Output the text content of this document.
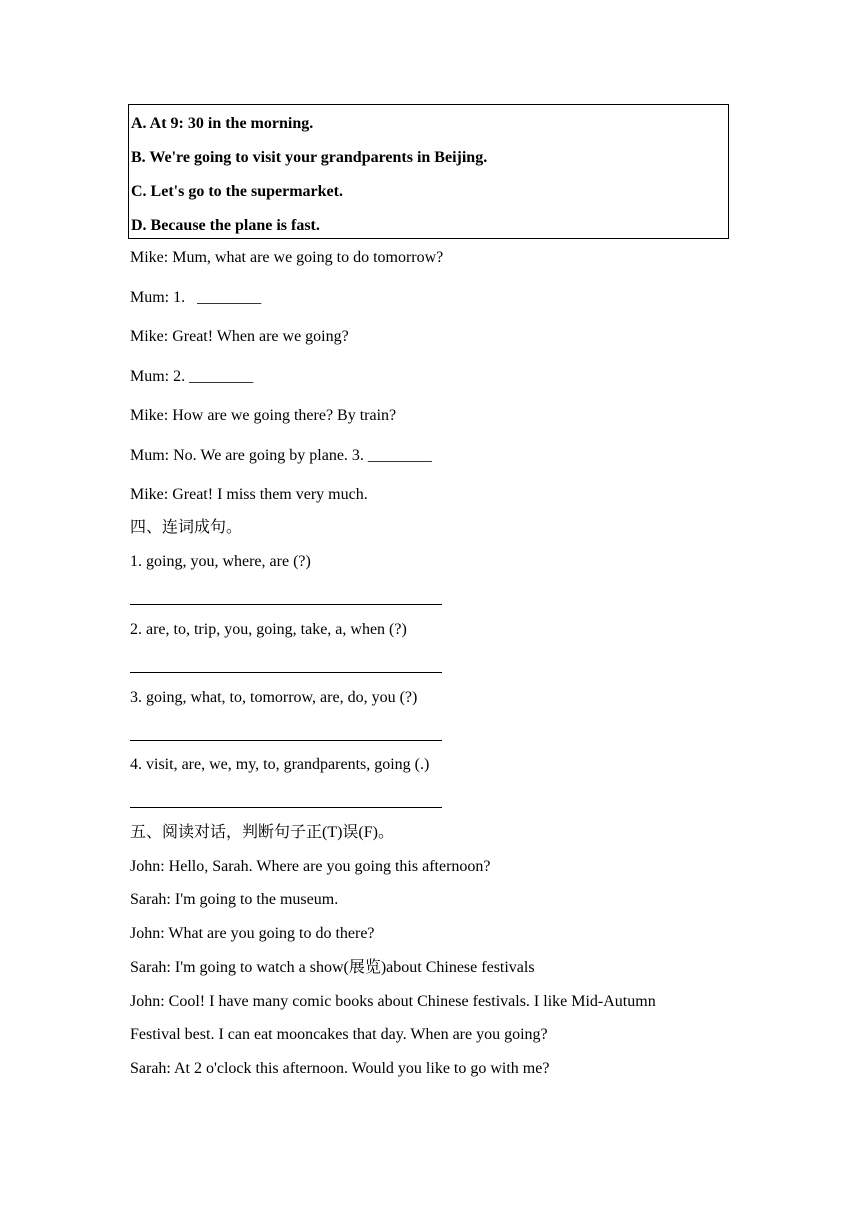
A. At 9: 30 in the morning.
B. We're going to visit your grandparents in Beijing.
C. Let's go to the supermarket.
D. Because the plane is fast.
Mike: Mum, what are we going to do tomorrow?
Mum: 1.   ________
Mike: Great! When are we going?
Mum: 2. ________
Mike: How are we going there? By train?
Mum: No. We are going by plane. 3. ________
Mike: Great! I miss them very much.
四、连词成句。
1. going, you, where, are (?)
2. are, to, trip, you, going, take, a, when (?)
3. going, what, to, tomorrow, are, do, you (?)
4. visit, are, we, my, to, grandparents, going (.)
五、阅读对话，判断句子正(T)误(F)。
John: Hello, Sarah. Where are you going this afternoon?
Sarah: I'm going to the museum.
John: What are you going to do there?
Sarah: I'm going to watch a show(展览)about Chinese festivals
John: Cool! I have many comic books about Chinese festivals. I like Mid-Autumn
Festival best. I can eat mooncakes that day. When are you going?
Sarah: At 2 o'clock this afternoon. Would you like to go with me?
